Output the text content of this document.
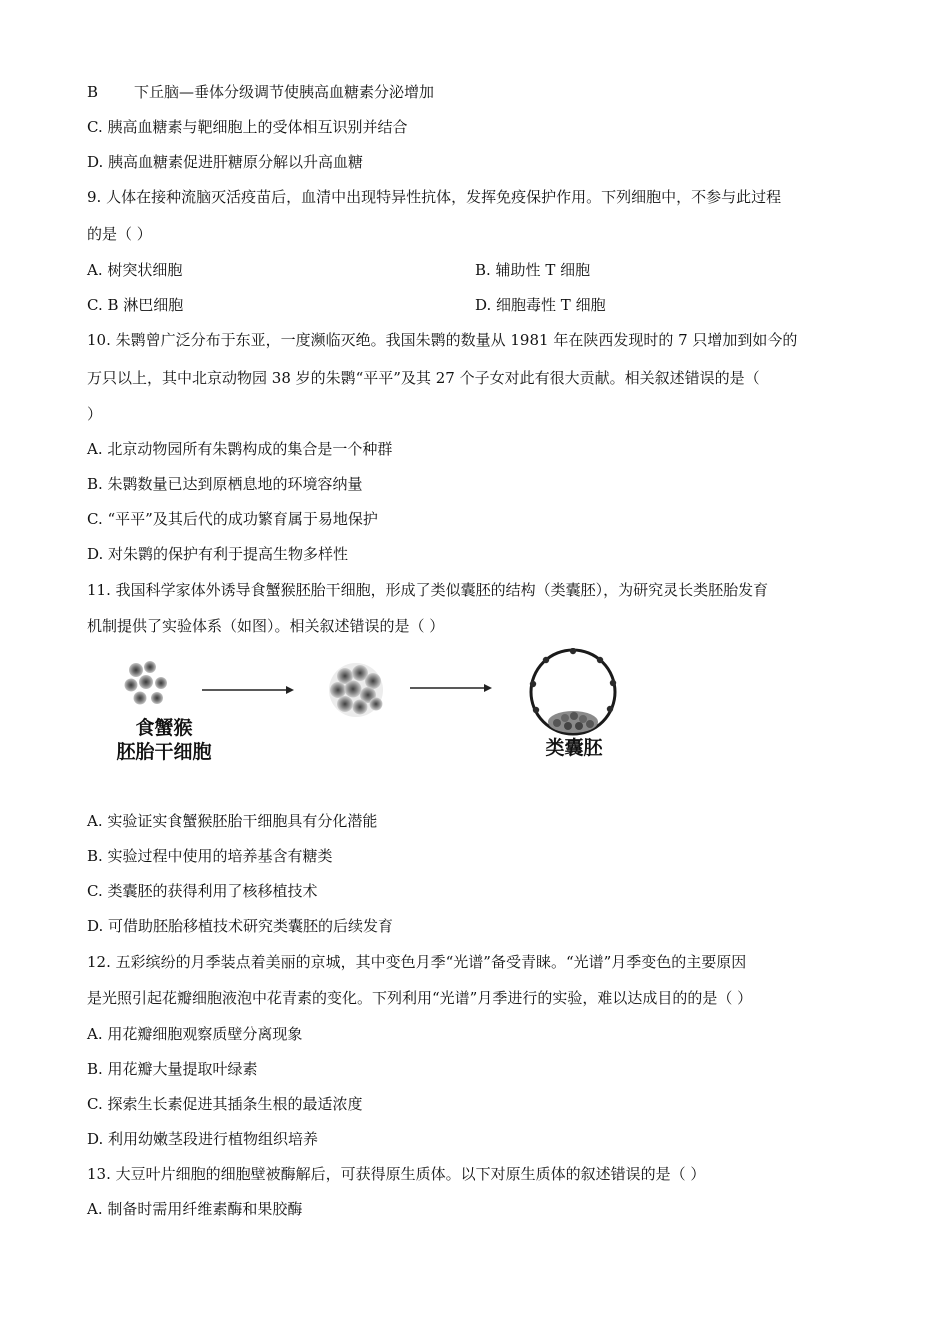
B 下丘脑—垂体分级调节使胰高血糖素分泌增加
C. 胰高血糖素与靶细胞上的受体相互识别并结合
D. 胰高血糖素促进肝糖原分解以升高血糖
9. 人体在接种流脑灭活疫苗后，血清中出现特异性抗体，发挥免疫保护作用。下列细胞中，不参与此过程
的是（ ）
A. 树突状细胞	B. 辅助性 T 细胞
C. B 淋巴细胞	D. 细胞毒性 T 细胞
10. 朱鹮曾广泛分布于东亚，一度濒临灭绝。我国朱鹮的数量从 1981 年在陕西发现时的 7 只增加到如今的
万只以上，其中北京动物园 38 岁的朱鹮“平平”及其 27 个子女对此有很大贡献。相关叙述错误的是（
）
A. 北京动物园所有朱鹮构成的集合是一个种群
B. 朱鹮数量已达到原栖息地的环境容纳量
C. “平平”及其后代的成功繁育属于易地保护
D. 对朱鹮的保护有利于提高生物多样性
11. 我国科学家体外诱导食蟹猴胚胎干细胞，形成了类似囊胚的结构（类囊胚），为研究灵长类胚胎发育
机制提供了实验体系（如图）。相关叙述错误的是（ ）
食蟹猴
胚胎干细胞	类囊胚
A. 实验证实食蟹猴胚胎干细胞具有分化潜能
B. 实验过程中使用的培养基含有糖类
C. 类囊胚的获得利用了核移植技术
D. 可借助胚胎移植技术研究类囊胚的后续发育
12. 五彩缤纷的月季装点着美丽的京城，其中变色月季“光谱”备受青睐。“光谱”月季变色的主要原因
是光照引起花瓣细胞液泡中花青素的变化。下列利用“光谱”月季进行的实验，难以达成目的的是（ ）
A. 用花瓣细胞观察质壁分离现象
B. 用花瓣大量提取叶绿素
C. 探索生长素促进其插条生根的最适浓度
D. 利用幼嫩茎段进行植物组织培养
13. 大豆叶片细胞的细胞壁被酶解后，可获得原生质体。以下对原生质体的叙述错误的是（ ）
A. 制备时需用纤维素酶和果胶酶
